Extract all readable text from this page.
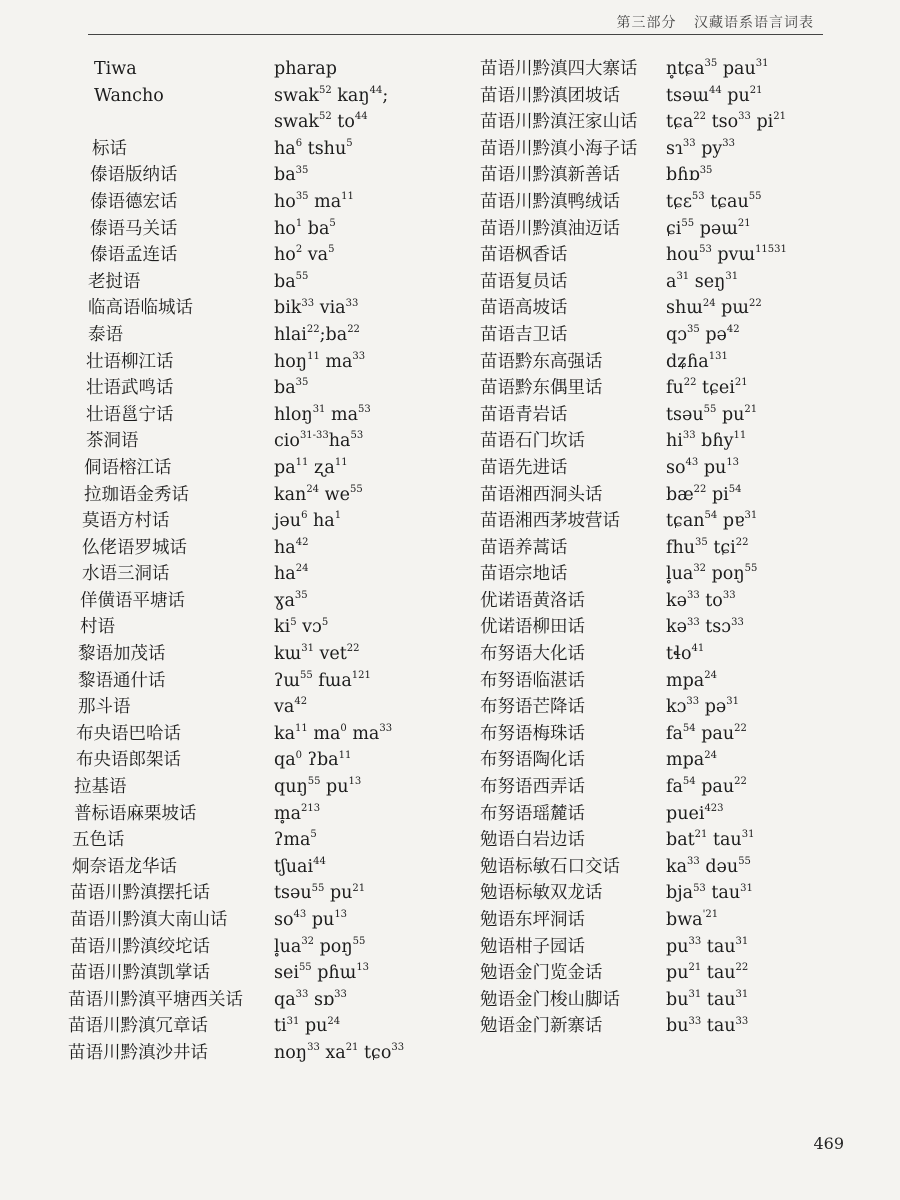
第三部分 汉藏语系语言词表
Tiwa	pharap
Wancho	swak$^{52}$ kaŋ$^{44}$;
swak$^{52}$ $to^{44}$
标话	$ha^6$ tshu$^5$
傣语版纳话	$ba^{35}$
傣语德宏话	$ho^{35}$ $ma^{11}$
傣语马关话	$ho^1$ $ba^5$
傣语孟连话	$ho^2$ $va^5$
老挝语	$ba^{55}$
临高语临城话	bik$^{33}$ via$^{33}$
泰语	$hlai^{22};ba^{22}$
壮语柳江话	hoŋ$^{11}$ $ma^{33}$
壮语武鸣话	$ba^{35}$
壮语邕宁话	hloŋ$^{31}$ $ma^{53}$
茶洞语	$cio^{31-33}ha^{53}$
侗语榕江话	$pa^{11}$ ʐa$^{11}$
拉珈语金秀话	kan$^{24}$ $we^{55}$
莫语方村话	jəu$^6$ $ha^1$
仫佬语罗城话	$ha^{42}$
水语三洞话	$ha^{24}$
佯僙语平塘话	ɣa$^{35}$
村语	$ki^5$ vɔ$^5$
黎语加茂话	kɯ$^{31}$ vet$^{22}$
黎语通什话	ʔɯ$^{55}$ fɯa$^{121}$
那斗语	$va^{42}$
布央语巴哈话	$ka^{11}$ $ma^0$ $ma^{33}$
布央语郎架话	$qa^0$ ʔba$^{11}$
拉基语	quŋ$^{55}$ $pu^{13}$
普标语麻栗坡话	$m̥a^{213}$
五色话	ʔma$^5$
炯奈语龙华话	tʃuai$^{44}$
苗语川黔滇摆托话	tsəu$^{55}$ $pu^{21}$
苗语川黔滇大南山话	$so^{43}$ $pu^{13}$
苗语川黔滇绞坨话	$l̥ua^{32}$ poŋ$^{55}$
苗语川黔滇凯掌话	sei$^{55}$ pɦɯ$^{13}$
苗语川黔滇平塘西关话 $qa^{33}$ sɒ$^{33}$
苗语川黔滇冗章话	$ti^{31}$ $pu^{24}$
苗语川黔滇沙井话	noŋ$^{33}$ $xa^{21}$ tɕo$^{33}$
苗语川黔滇四大寨话 n̥tɕa$^{35}$ pau$^{31}$
苗语川黔滇团坡话	tsəɯ$^{44}$ $pu^{21}$
苗语川黔滇汪家山话 tɕa$^{22}$ tso$^{33}$ $pi^{21}$
苗语川黔滇小海子话 sɿ$^{33}$ $py^{33}$
苗语川黔滇新善话	bɦɒ$^{35}$
苗语川黔滇鸭绒话	tɕɛ$^{53}$ tɕau$^{55}$
苗语川黔滇油迈话	ɕi$^{55}$ pəɯ$^{21}$
苗语枫香话	hou$^{53}$ pvɯ$^{11531}$
苗语复员话	$a^{31}$ seŋ$^{31}$
苗语高坡话	shɯ$^{24}$ pɯ$^{22}$
苗语吉卫话	qɔ$^{35}$ pə$^{42}$
苗语黔东高强话	dʑɦa$^{131}$
苗语黔东偶里话	$fu^{22}$ tɕei$^{21}$
苗语青岩话	tsəu$^{55}$ $pu^{21}$
苗语石门坎话	$hi^{33}$ bɦy$^{11}$
苗语先进话	$so^{43}$ $pu^{13}$
苗语湘西洞头话	$bæ^{22}$ $pi^{54}$
苗语湘西茅坡营话	tɕan$^{54}$ pɐ$^{31}$
苗语养蒿话	fhu$^{35}$ tɕi$^{22}$
苗语宗地话	$l̥ua^{32}$ poŋ$^{55}$
优诺语黄洛话	kə$^{33}$ $to^{33}$
优诺语柳田话	kə$^{33}$ tsɔ$^{33}$
布努语大化话	tɬo$^{41}$
布努语临湛话	mpa$^{24}$
布努语芒降话	kɔ$^{33}$ pə$^{31}$
布努语梅珠话	$fa^{54}$ pau$^{22}$
布努语陶化话	mpa$^{24}$
布努语西弄话	$fa^{54}$ pau$^{22}$
布努语瑶麓话	puei$^{423}$
勉语白岩边话	bat$^{21}$ tau$^{31}$
勉语标敏石口交话	$ka^{33}$ dəu$^{55}$
勉语标敏双龙话	bja$^{53}$ tau$^{31}$
勉语东坪洞话	bwa$^{'21}$
勉语柑子园话	$pu^{33}$ tau$^{31}$
勉语金门览金话	$pu^{21}$ tau$^{22}$
勉语金门梭山脚话	$bu^{31}$ tau$^{31}$
勉语金门新寨话	$bu^{33}$ tau$^{33}$
469
